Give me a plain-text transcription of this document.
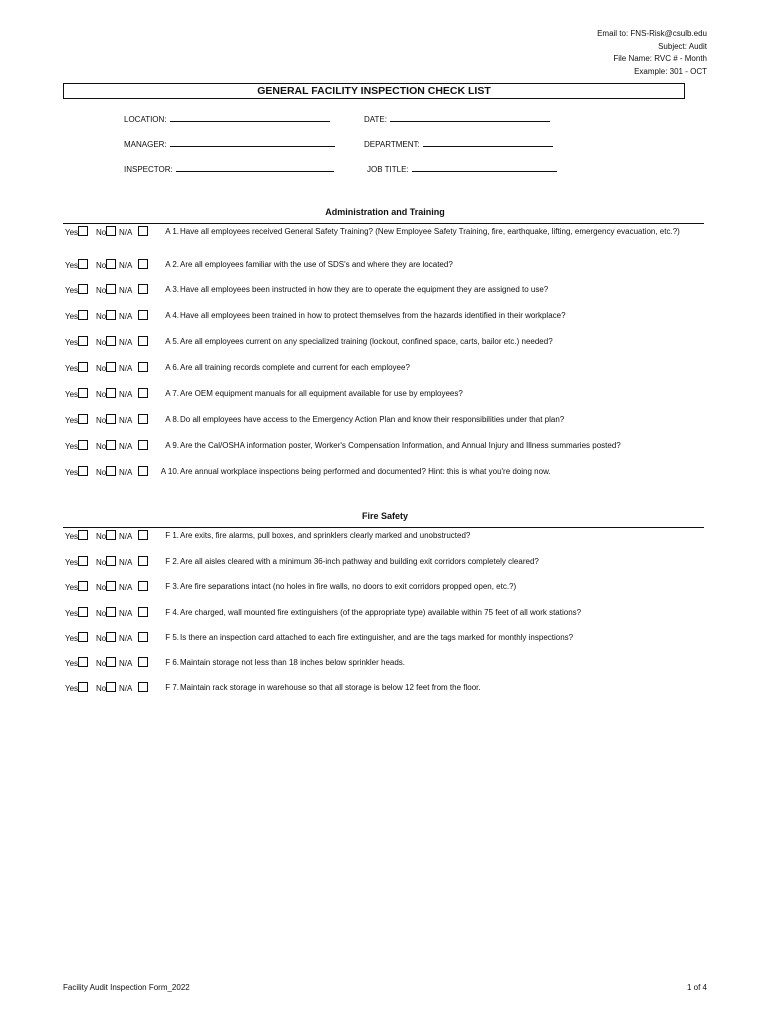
Email to: FNS-Risk@csulb.edu
Subject: Audit
File Name: RVC # - Month
Example: 301 - OCT
GENERAL FACILITY INSPECTION CHECK LIST
LOCATION:	DATE:
MANAGER:	DEPARTMENT:
INSPECTOR:	JOB TITLE:
Administration and Training
Yes	No	N/A	A 1. Have all employees received General Safety Training? (New Employee Safety Training, fire, earthquake, lifting, emergency evacuation, etc.?)
Yes	No	N/A	A 2. Are all employees familiar with the use of SDS's and where they are located?
Yes	No	N/A	A 3. Have all employees been instructed in how they are to operate the equipment they are assigned to use?
Yes	No	N/A	A 4. Have all employees been trained in how to protect themselves from the hazards identified in their workplace?
Yes	No	N/A	A 5. Are all employees current on any specialized training (lockout, confined space, carts, bailor etc.) needed?
Yes	No	N/A	A 6. Are all training records complete and current for each employee?
Yes	No	N/A	A 7. Are OEM equipment manuals for all equipment available for use by employees?
Yes	No	N/A	A 8. Do all employees have access to the Emergency Action Plan and know their responsibilities under that plan?
Yes	No	N/A	A 9. Are the Cal/OSHA information poster, Worker's Compensation Information, and Annual Injury and Illness summaries posted?
Yes	No	N/A	A 10. Are annual workplace inspections being performed and documented? Hint: this is what you're doing now.
Fire Safety
Yes	No	N/A	F 1. Are exits, fire alarms, pull boxes, and sprinklers clearly marked and unobstructed?
Yes	No	N/A	F 2. Are all aisles cleared with a minimum 36-inch pathway and building exit corridors completely cleared?
Yes	No	N/A	F 3. Are fire separations intact (no holes in fire walls, no doors to exit corridors propped open, etc.?)
Yes	No	N/A	F 4. Are charged, wall mounted fire extinguishers (of the appropriate type) available within 75 feet of all work stations?
Yes	No	N/A	F 5. Is there an inspection card attached to each fire extinguisher, and are the tags marked for monthly inspections?
Yes	No	N/A	F 6. Maintain storage not less than 18 inches below sprinkler heads.
Yes	No	N/A	F 7. Maintain rack storage in warehouse so that all storage is below 12 feet from the floor.
Facility Audit Inspection Form_2022	1 of 4
